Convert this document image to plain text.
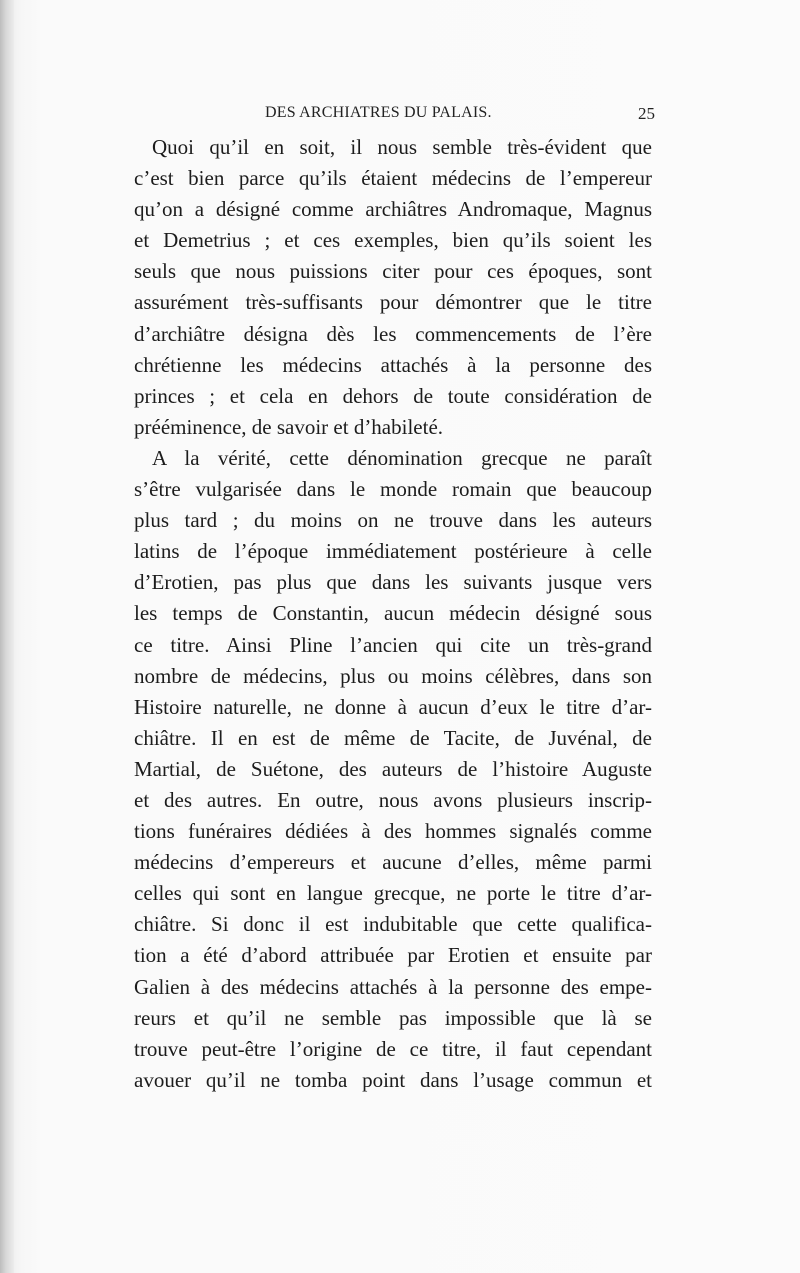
DES ARCHIATRES DU PALAIS.	25
Quoi qu’il en soit, il nous semble très-évident que
c’est bien parce qu’ils étaient médecins de l’empereur
qu’on a désigné comme archiâtres Andromaque, Magnus
et Demetrius ; et ces exemples, bien qu’ils soient les
seuls que nous puissions citer pour ces époques, sont
assurément très-suffisants pour démontrer que le titre
d’archiâtre désigna dès les commencements de l’ère
chrétienne les médecins attachés à la personne des
princes ; et cela en dehors de toute considération de
prééminence, de savoir et d’habileté.
A la vérité, cette dénomination grecque ne paraît
s’être vulgarisée dans le monde romain que beaucoup
plus tard ; du moins on ne trouve dans les auteurs
latins de l’époque immédiatement postérieure à celle
d’Erotien, pas plus que dans les suivants jusque vers
les temps de Constantin, aucun médecin désigné sous
ce titre. Ainsi Pline l’ancien qui cite un très-grand
nombre de médecins, plus ou moins célèbres, dans son
Histoire naturelle, ne donne à aucun d’eux le titre d’ar-
chiâtre. Il en est de même de Tacite, de Juvénal, de
Martial, de Suétone, des auteurs de l’histoire Auguste
et des autres. En outre, nous avons plusieurs inscrip-
tions funéraires dédiées à des hommes signalés comme
médecins d’empereurs et aucune d’elles, même parmi
celles qui sont en langue grecque, ne porte le titre d’ar-
chiâtre. Si donc il est indubitable que cette qualifica-
tion a été d’abord attribuée par Erotien et ensuite par
Galien à des médecins attachés à la personne des empe-
reurs et qu’il ne semble pas impossible que là se
trouve peut-être l’origine de ce titre, il faut cependant
avouer qu’il ne tomba point dans l’usage commun et
